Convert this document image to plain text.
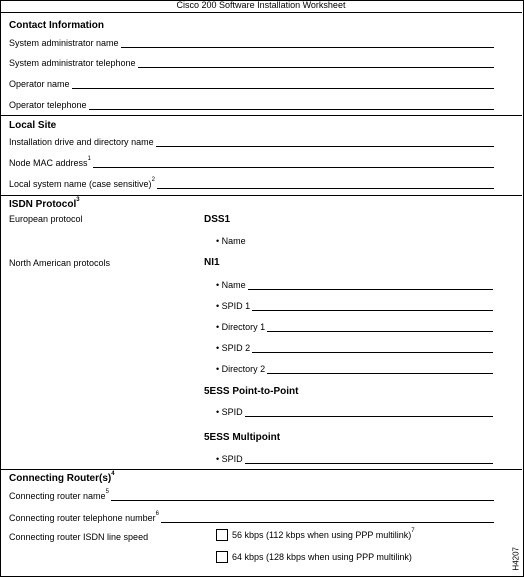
Cisco 200 Software Installation Worksheet
Contact Information
System administrator name
System administrator telephone
Operator name
Operator telephone
Local Site
Installation drive and directory name
Node MAC address$^1$
Local system name (case sensitive)$^2$
ISDN Protocol$^3$
European protocol	DSS1
• Name
North American protocols	NI1
• Name
• SPID 1
• Directory 1
• SPID 2
• Directory 2
5ESS Point-to-Point
• SPID
5ESS Multipoint
• SPID
Connecting $Router(s)^4$
Connecting router name$^5$
Connecting router telephone number$^6$
Connecting router ISDN line speed	56 kbps (112 kbps when using PPP multilink)$^7$
64 kbps (128 kbps when using PPP multilink)	H4207
